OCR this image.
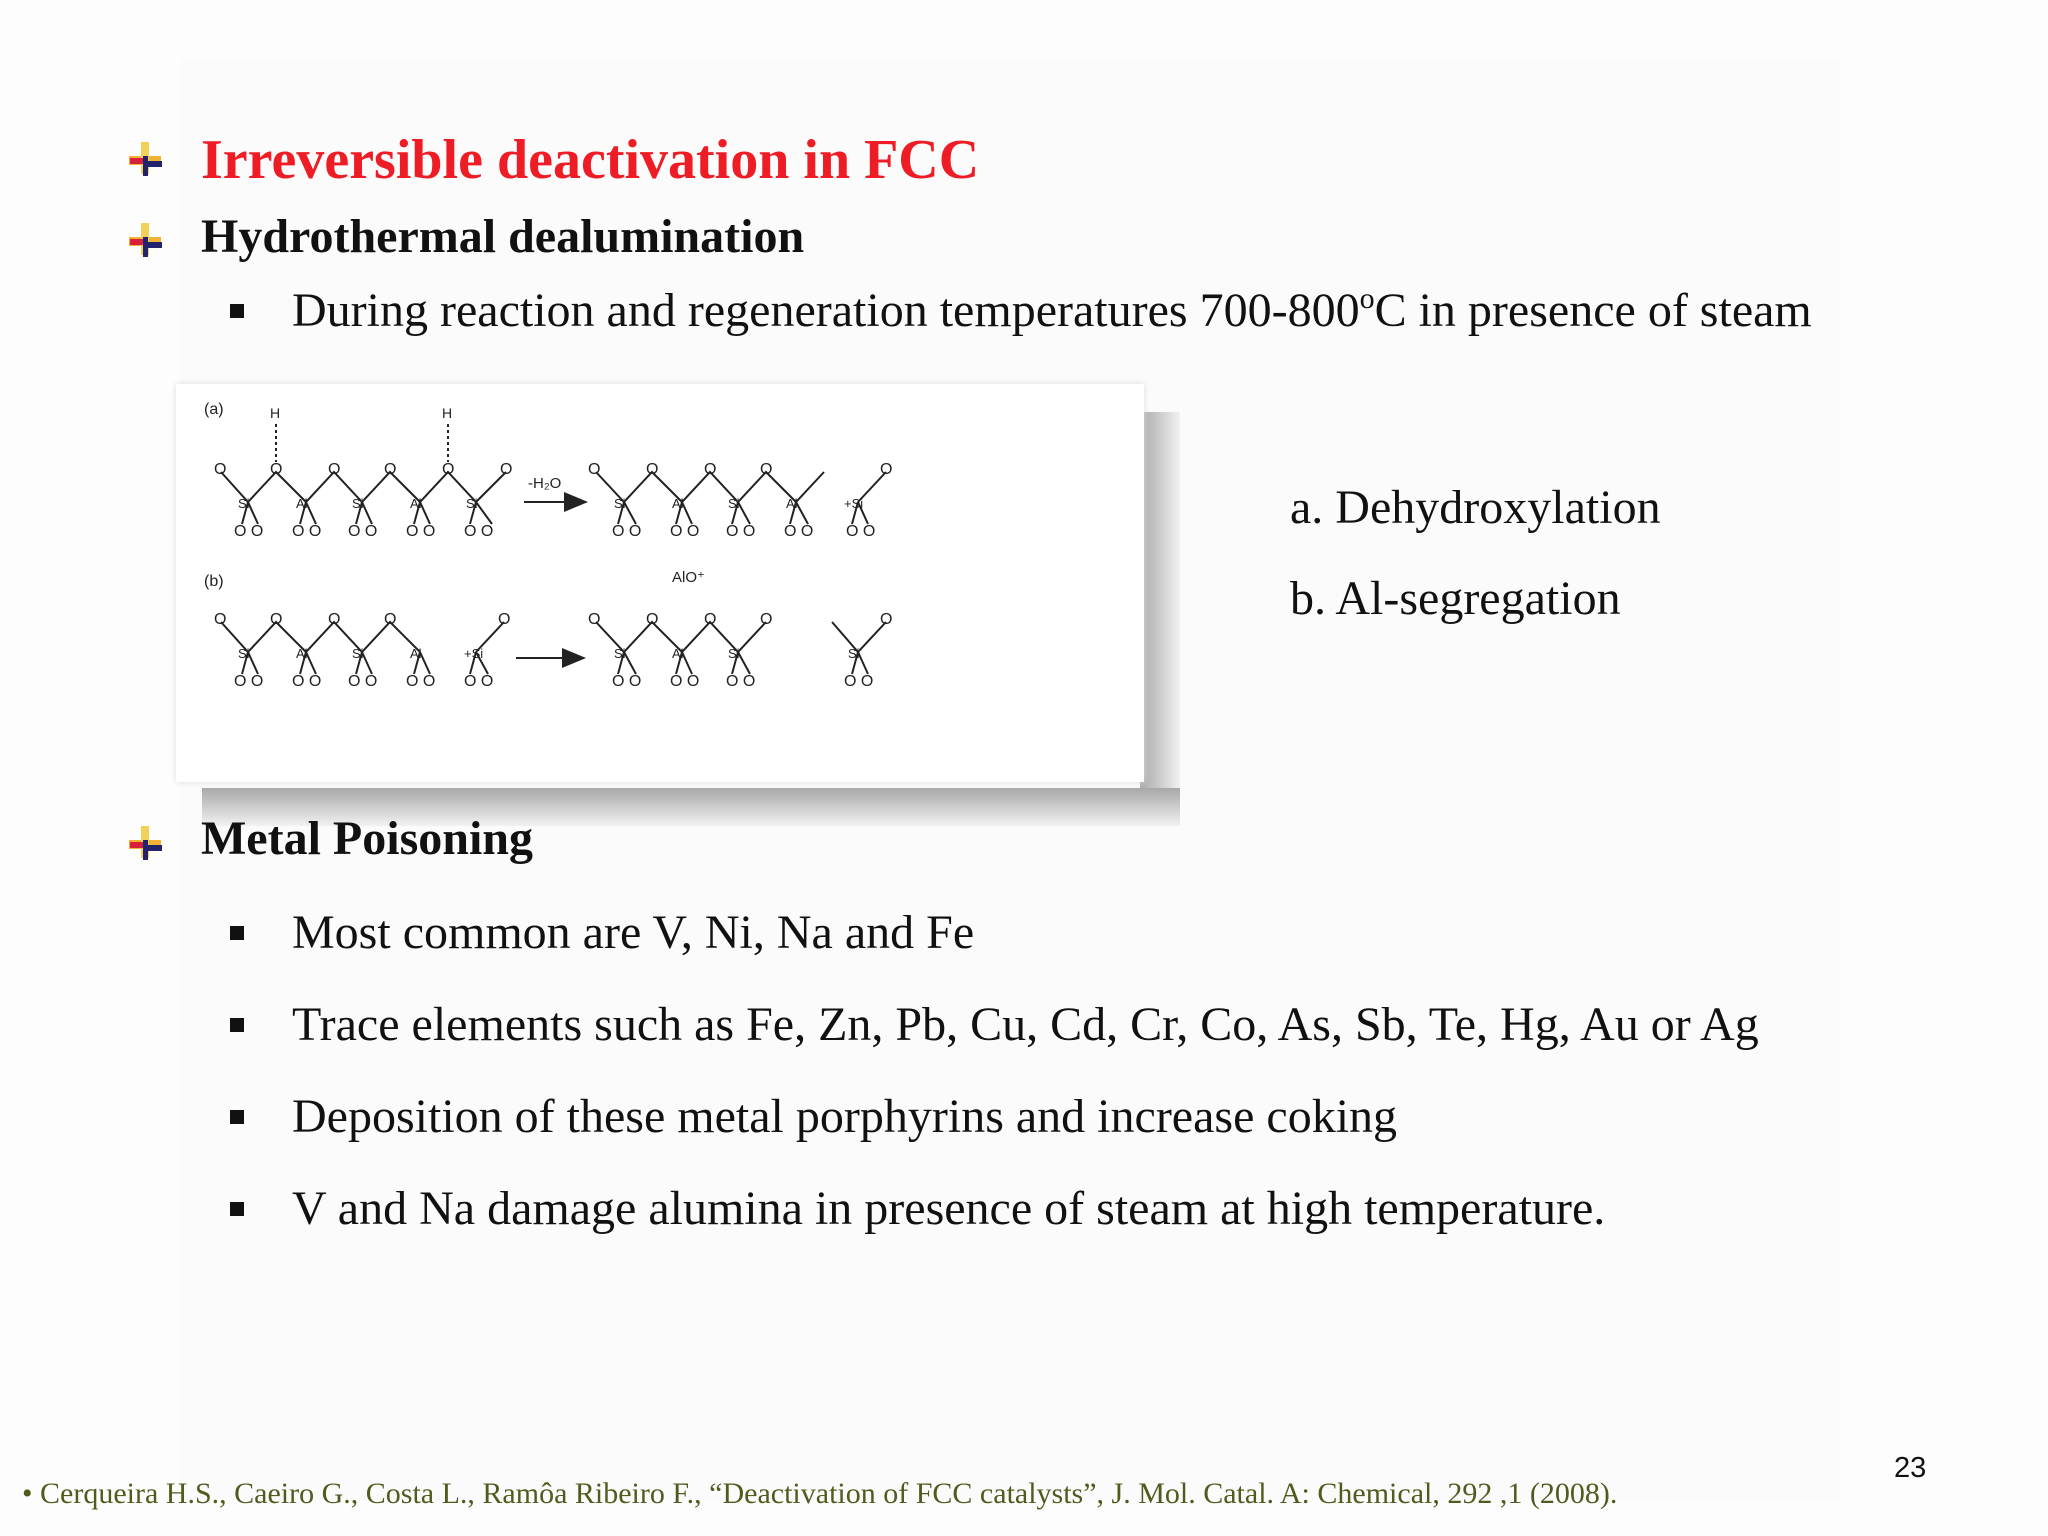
Irreversible deactivation in FCC
Hydrothermal dealumination
During reaction and regeneration temperatures 700-800$^o$C in presence of steam
(a)
(b)
-H₂O
AlO⁺
H	H
O	O	O	O	O	O
Si	Al	Si	Al	Si
O O O O O O O O O O
O	O	O	O	O
Si	Al	Si	Al	+Si
O O O O O O O O O O
O	O	O	O	O
Si	Al	Si	Al	+Si
O O O O O O O O O O
O	O	O	O	O
Si	Al	Si	Si
O O O O O O	O O
a. Dehydroxylation
b. Al-segregation
Metal Poisoning
Most common are V, Ni, Na and Fe
Trace elements such as Fe, Zn, Pb, Cu, Cd, Cr, Co, As, Sb, Te, Hg, Au or Ag
Deposition of these metal porphyrins and increase coking
V and Na damage alumina in presence of steam at high temperature.
23
• Cerqueira H.S., Caeiro G., Costa L., Ramôa Ribeiro F., “Deactivation of FCC catalysts”, J. Mol. Catal. A: Chemical, 292 ,1 (2008).
